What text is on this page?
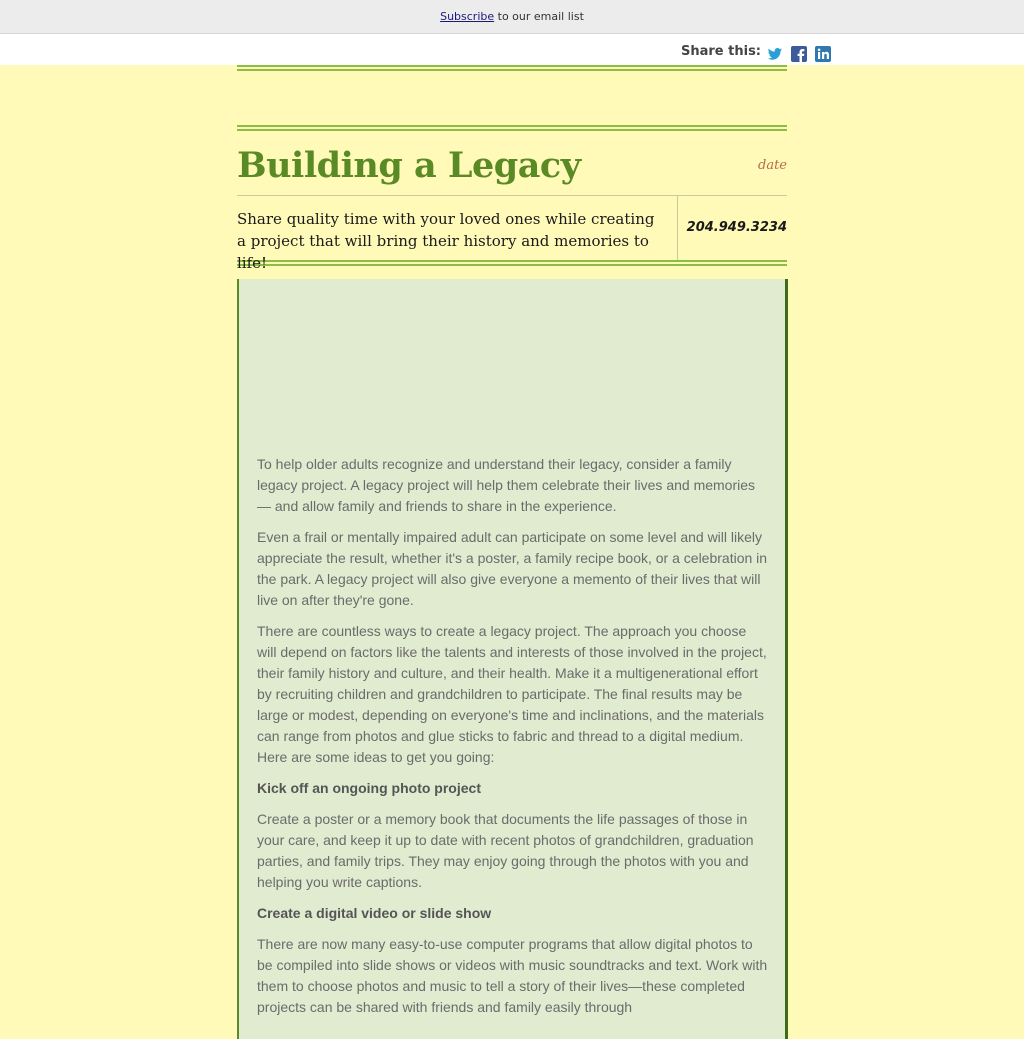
Subscribe to our email list
Share this:
Building a Legacy	date
Share quality time with your loved ones while creating a project that will bring their history and memories to life!
204.949.3234

To help older adults recognize and understand their legacy, consider a family legacy project. A legacy project will help them celebrate their lives and memories — and allow family and friends to share in the experience.

Even a frail or mentally impaired adult can participate on some level and will likely appreciate the result, whether it's a poster, a family recipe book, or a celebration in the park. A legacy project will also give everyone a memento of their lives that will live on after they're gone.

There are countless ways to create a legacy project. The approach you choose will depend on factors like the talents and interests of those involved in the project, their family history and culture, and their health. Make it a multigenerational effort by recruiting children and grandchildren to participate. The final results may be large or modest, depending on everyone's time and inclinations, and the materials can range from photos and glue sticks to fabric and thread to a digital medium. Here are some ideas to get you going:

Kick off an ongoing photo project

Create a poster or a memory book that documents the life passages of those in your care, and keep it up to date with recent photos of grandchildren, graduation parties, and family trips. They may enjoy going through the photos with you and helping you write captions.

Create a digital video or slide show

There are now many easy-to-use computer programs that allow digital photos to be compiled into slide shows or videos with music soundtracks and text. Work with them to choose photos and music to tell a story of their lives—these completed projects can be shared with friends and family easily through
